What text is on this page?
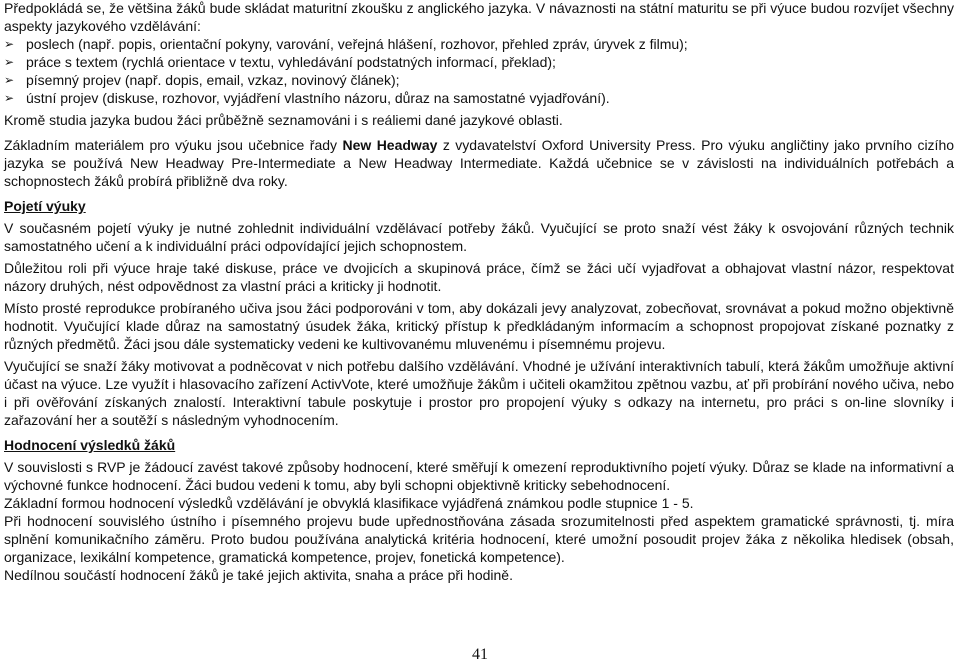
Předpokládá se, že většina žáků bude skládat maturitní zkoušku z anglického jazyka. V návaznosti na státní maturitu se při výuce budou rozvíjet všechny aspekty jazykového vzdělávání:

➢ poslech (např. popis, orientační pokyny, varování, veřejná hlášení, rozhovor, přehled zpráv, úryvek z filmu);
➢ práce s textem (rychlá orientace v textu, vyhledávání podstatných informací, překlad);
➢ písemný projev (např. dopis, email, vzkaz, novinový článek);
➢ ústní projev (diskuse, rozhovor, vyjádření vlastního názoru, důraz na samostatné vyjadřování).

Kromě studia jazyka budou žáci průběžně seznamováni i s reáliemi dané jazykové oblasti.

Základním materiálem pro výuku jsou učebnice řady New Headway z vydavatelství Oxford University Press. Pro výuku angličtiny jako prvního cizího jazyka se používá New Headway Pre-Intermediate a New Headway Intermediate. Každá učebnice se v závislosti na individuálních potřebách a schopnostech žáků probírá přibližně dva roky.

Pojetí výuky

V současném pojetí výuky je nutné zohlednit individuální vzdělávací potřeby žáků. Vyučující se proto snaží vést žáky k osvojování různých technik samostatného učení a k individuální práci odpovídající jejich schopnostem.

Důležitou roli při výuce hraje také diskuse, práce ve dvojicích a skupinová práce, čímž se žáci učí vyjadřovat a obhajovat vlastní názor, respektovat názory druhých, nést odpovědnost za vlastní práci a kriticky ji hodnotit.

Místo prosté reprodukce probíraného učiva jsou žáci podporováni v tom, aby dokázali jevy analyzovat, zobecňovat, srovnávat a pokud možno objektivně hodnotit. Vyučující klade důraz na samostatný úsudek žáka, kritický přístup k předkládaným informacím a schopnost propojovat získané poznatky z různých předmětů. Žáci jsou dále systematicky vedeni ke kultivovanému mluvenému i písemnému projevu.

Vyučující se snaží žáky motivovat a podněcovat v nich potřebu dalšího vzdělávání. Vhodné je užívání interaktivních tabulí, která žákům umožňuje aktivní účast na výuce. Lze využít i hlasovacího zařízení ActivVote, které umožňuje žákům i učiteli okamžitou zpětnou vazbu, ať při probírání nového učiva, nebo i při ověřování získaných znalostí. Interaktivní tabule poskytuje i prostor pro propojení výuky s odkazy na internetu, pro práci s on-line slovníky i zařazování her a soutěží s následným vyhodnocením.

Hodnocení výsledků žáků

V souvislosti s RVP je žádoucí zavést takové způsoby hodnocení, které směřují k omezení reproduktivního pojetí výuky. Důraz se klade na informativní a výchovné funkce hodnocení. Žáci budou vedeni k tomu, aby byli schopni objektivně kriticky sebehodnocení.

Základní formou hodnocení výsledků vzdělávání je obvyklá klasifikace vyjádřená známkou podle stupnice 1 - 5.

Při hodnocení souvislého ústního i písemného projevu bude upřednostňována zásada srozumitelnosti před aspektem gramatické správnosti, tj. míra splnění komunikačního záměru. Proto budou používána analytická kritéria hodnocení, které umožní posoudit projev žáka z několika hledisek (obsah, organizace, lexikální kompetence, gramatická kompetence, projev, fonetická kompetence).

Nedílnou součástí hodnocení žáků je také jejich aktivita, snaha a práce při hodině.

41
